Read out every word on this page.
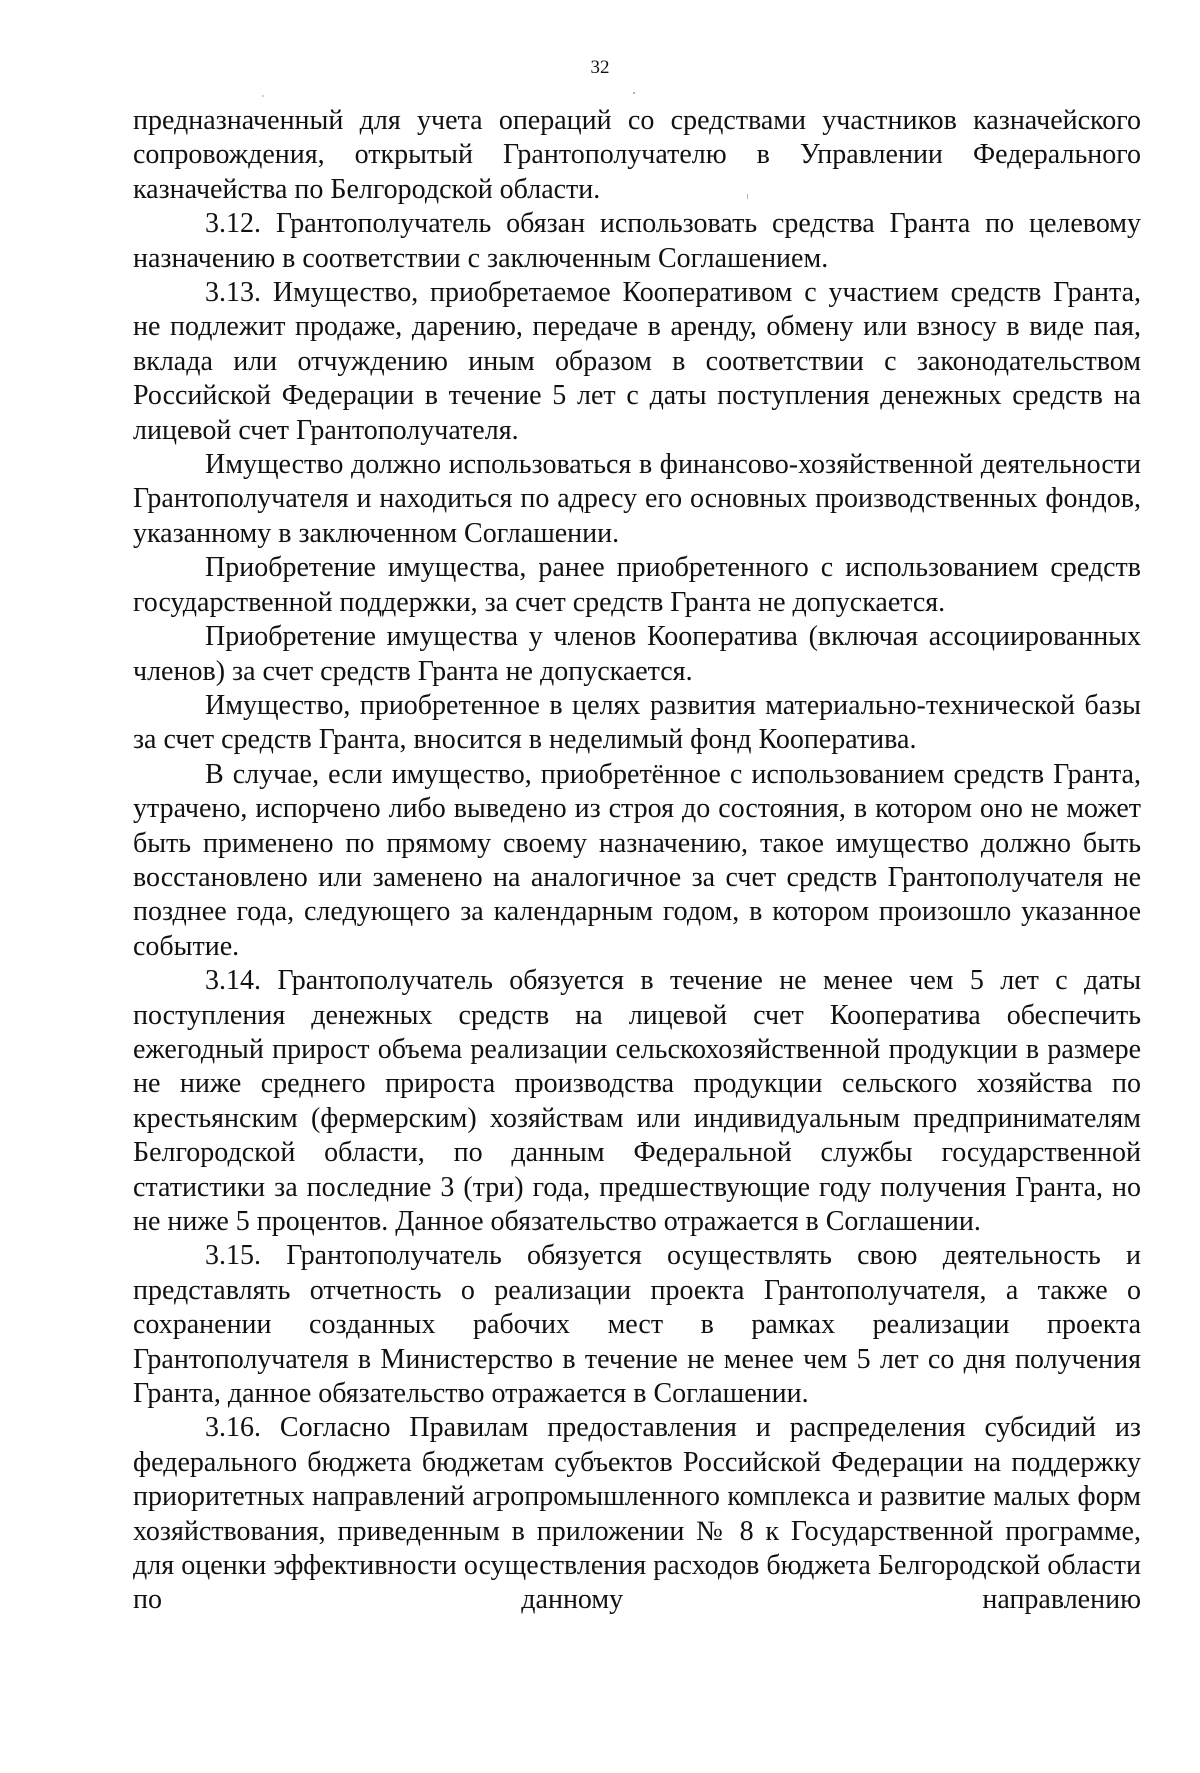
32

предназначенный для учета операций со средствами участников казначейского сопровождения, открытый Грантополучателю в Управлении Федерального казначейства по Белгородской области.

3.12. Грантополучатель обязан использовать средства Гранта по целевому назначению в соответствии с заключенным Соглашением.

3.13. Имущество, приобретаемое Кооперативом с участием средств Гранта, не подлежит продаже, дарению, передаче в аренду, обмену или взносу в виде пая, вклада или отчуждению иным образом в соответствии с законодательством Российской Федерации в течение 5 лет с даты поступления денежных средств на лицевой счет Грантополучателя.

Имущество должно использоваться в финансово-хозяйственной деятельности Грантополучателя и находиться по адресу его основных производственных фондов, указанному в заключенном Соглашении.

Приобретение имущества, ранее приобретенного с использованием средств государственной поддержки, за счет средств Гранта не допускается.

Приобретение имущества у членов Кооператива (включая ассоциированных членов) за счет средств Гранта не допускается.

Имущество, приобретенное в целях развития материально-технической базы за счет средств Гранта, вносится в неделимый фонд Кооператива.

В случае, если имущество, приобретённое с использованием средств Гранта, утрачено, испорчено либо выведено из строя до состояния, в котором оно не может быть применено по прямому своему назначению, такое имущество должно быть восстановлено или заменено на аналогичное за счет средств Грантополучателя не позднее года, следующего за календарным годом, в котором произошло указанное событие.

3.14. Грантополучатель обязуется в течение не менее чем 5 лет с даты поступления денежных средств на лицевой счет Кооператива обеспечить ежегодный прирост объема реализации сельскохозяйственной продукции в размере не ниже среднего прироста производства продукции сельского хозяйства по крестьянским (фермерским) хозяйствам или индивидуальным предпринимателям Белгородской области, по данным Федеральной службы государственной статистики за последние 3 (три) года, предшествующие году получения Гранта, но не ниже 5 процентов. Данное обязательство отражается в Соглашении.

3.15. Грантополучатель обязуется осуществлять свою деятельность и представлять отчетность о реализации проекта Грантополучателя, а также о сохранении созданных рабочих мест в рамках реализации проекта Грантополучателя в Министерство в течение не менее чем 5 лет со дня получения Гранта, данное обязательство отражается в Соглашении.

3.16. Согласно Правилам предоставления и распределения субсидий из федерального бюджета бюджетам субъектов Российской Федерации на поддержку приоритетных направлений агропромышленного комплекса и развитие малых форм хозяйствования, приведенным в приложении № 8 к Государственной программе, для оценки эффективности осуществления расходов бюджета Белгородской области по данному направлению
